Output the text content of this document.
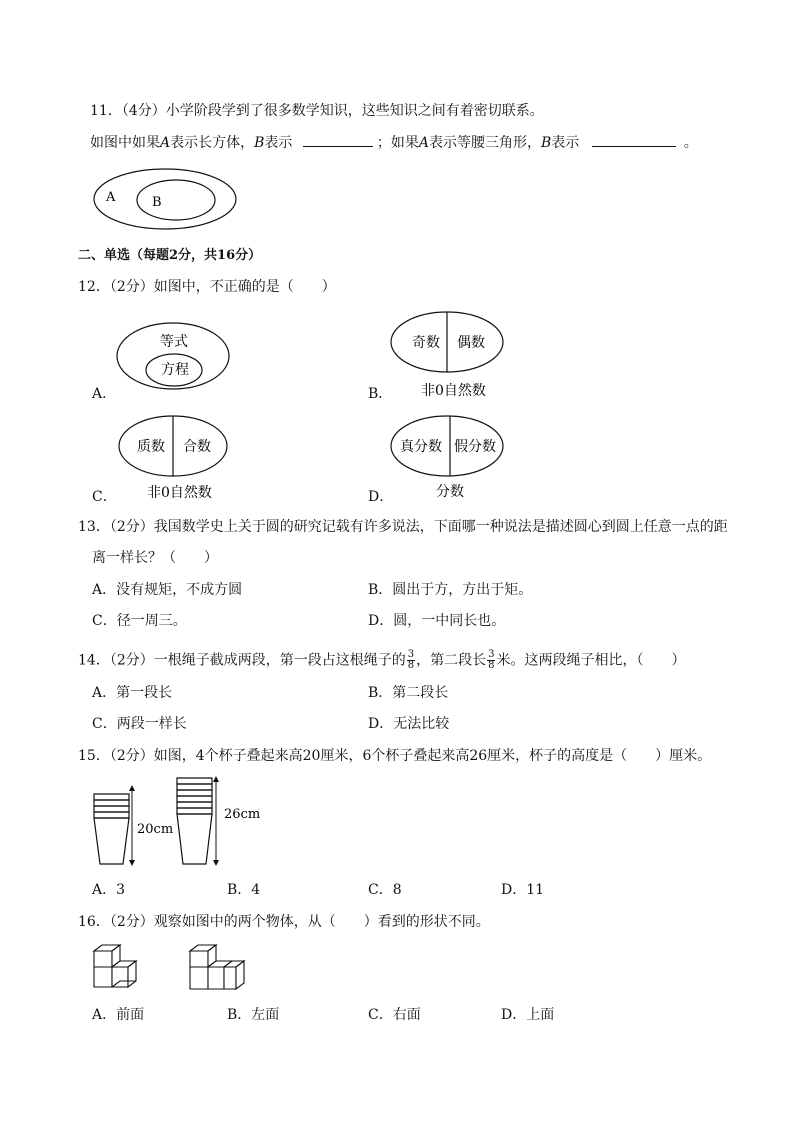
11．（4分）小学阶段学到了很多数学知识，这些知识之间有着密切联系。
如图中如果A表示长方体，B表示	；如果A表示等腰三角形，B表示	。
A	B
二、单选（每题2分，共16分）
12．（2分）如图中，不正确的是（　　）
等式
方程
奇数 偶数
非0自然数
质数 合数
非0自然数
真分数 假分数
分数
A．	B．
C．	D．
13．（2分）我国数学史上关于圆的研究记载有许多说法，下面哪一种说法是描述圆心到圆上任意一点的距
离一样长？（　　）
A．没有规矩，不成方圆	B．圆出于方，方出于矩。
C．径一周三。	D．圆，一中同长也。
14．（2分）一根绳子截成两段，第一段占这根绳子的 $\frac{3}{8}$ ，第二段长 $\frac{3}{8}$ 米。这两段绳子相比，（　　）
A．第一段长	B．第二段长
C．两段一样长	D．无法比较
15．（2分）如图，4个杯子叠起来高20厘米，6个杯子叠起来高26厘米，杯子的高度是（　　）厘米。
20cm
26cm
A．3	B．4	C．8	D．11
16．（2分）观察如图中的两个物体，从（　　）看到的形状不同。
A．前面	B．左面	C．右面	D．上面
